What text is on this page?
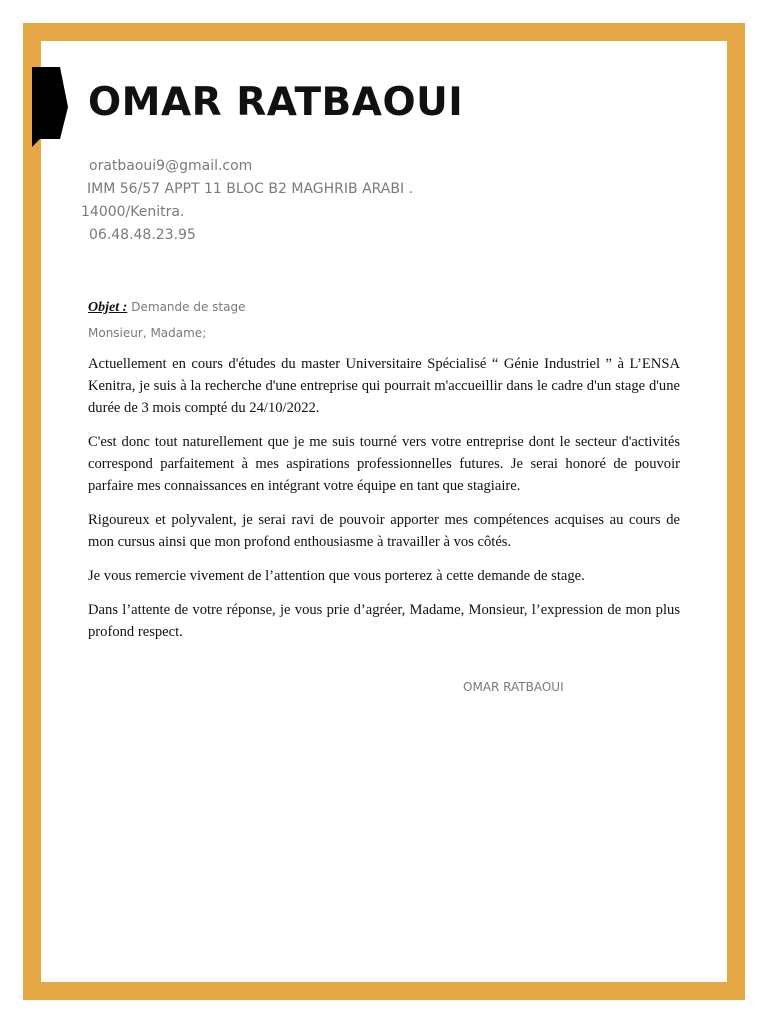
OMAR RATBAOUI
oratbaoui9@gmail.com
IMM 56/57 APPT 11 BLOC B2 MAGHRIB ARABI .
14000/Kenitra.
06.48.48.23.95
Objet : Demande de stage
Monsieur, Madame;

Actuellement en cours d'études du master Universitaire Spécialisé “ Génie Industriel ” à L’ENSA Kenitra, je suis à la recherche d'une entreprise qui pourrait m'accueillir dans le cadre d'un stage d'une durée de 3 mois compté du 24/10/2022.

C'est donc tout naturellement que je me suis tourné vers votre entreprise dont le secteur d'activités correspond parfaitement à mes aspirations professionnelles futures. Je serai honoré de pouvoir parfaire mes connaissances en intégrant votre équipe en tant que stagiaire.

Rigoureux et polyvalent, je serai ravi de pouvoir apporter mes compétences acquises au cours de mon cursus ainsi que mon profond enthousiasme à travailler à vos côtés.

Je vous remercie vivement de l’attention que vous porterez à cette demande de stage.

Dans l’attente de votre réponse, je vous prie d’agréer, Madame, Monsieur, l’expression de mon plus profond respect.

OMAR RATBAOUI
